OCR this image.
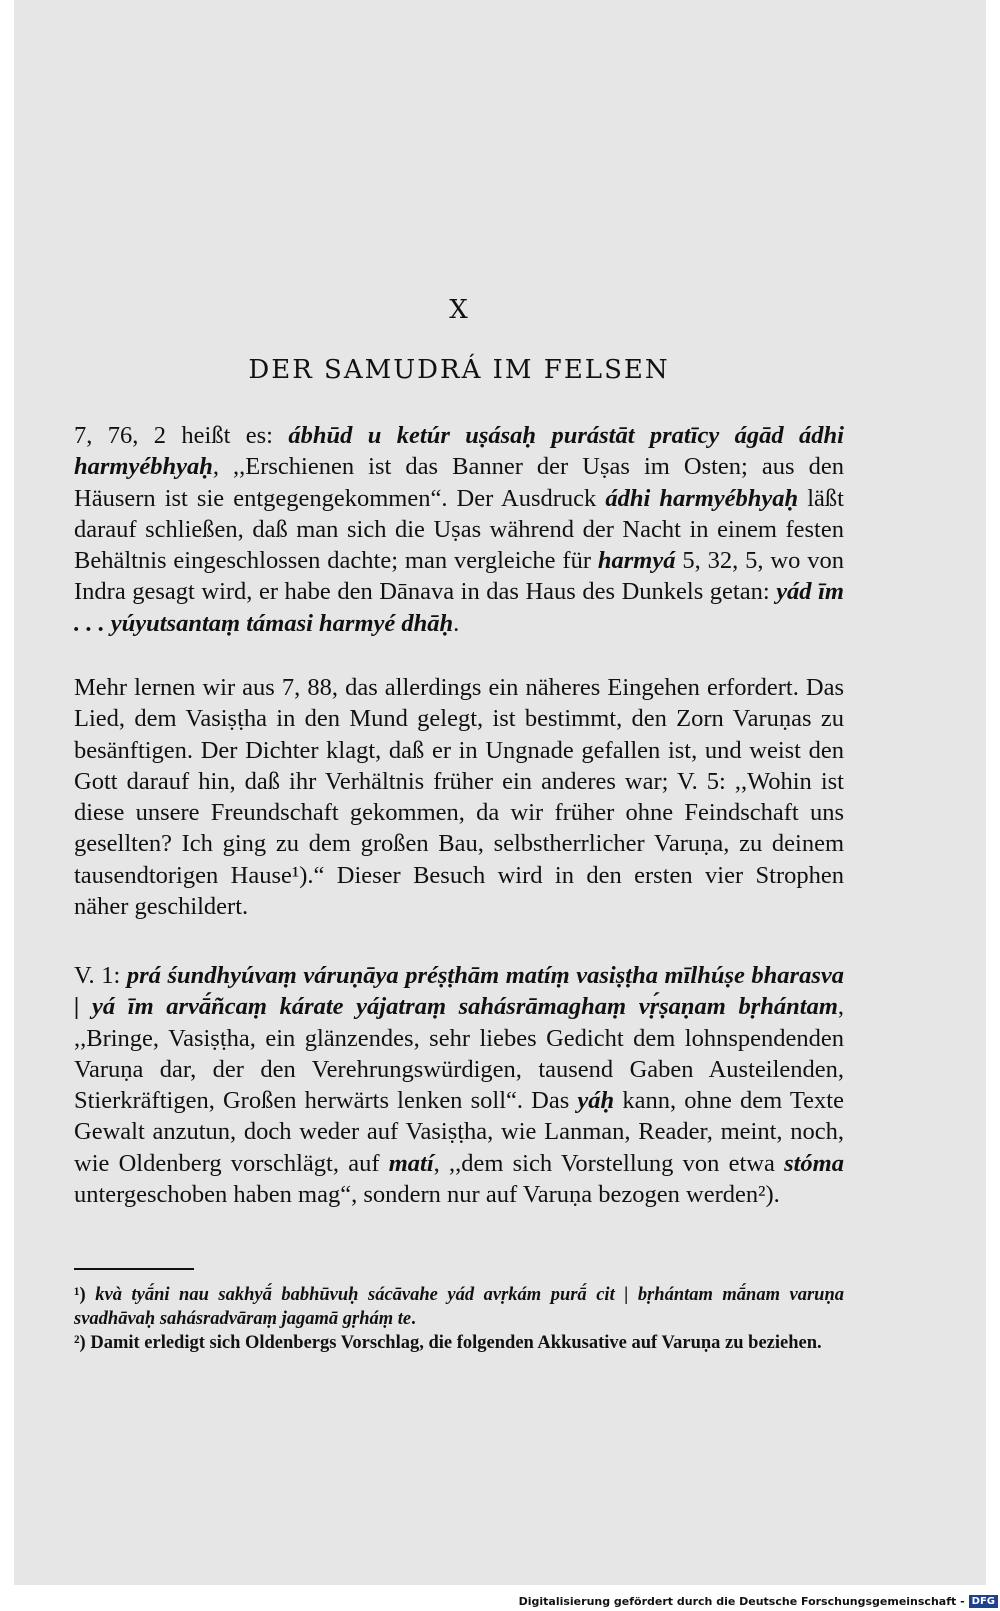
X
DER SAMUDRÁ IM FELSEN

7, 76, 2 heißt es: ábhūd u ketúr uṣásaḥ purástāt pratīcy ágād ádhi harmyébhyaḥ, ,,Erschienen ist das Banner der Uṣas im Osten; aus den Häusern ist sie entgegengekommen“. Der Ausdruck ádhi harmyébhyaḥ läßt darauf schließen, daß man sich die Uṣas während der Nacht in einem festen Behältnis eingeschlossen dachte; man vergleiche für harmyá 5, 32, 5, wo von Indra gesagt wird, er habe den Dānava in das Haus des Dunkels getan: yád īm . . . yúyutsantaṃ támasi harmyé dhāḥ.

Mehr lernen wir aus 7, 88, das allerdings ein näheres Eingehen erfordert. Das Lied, dem Vasiṣṭha in den Mund gelegt, ist bestimmt, den Zorn Varuṇas zu besänftigen. Der Dichter klagt, daß er in Ungnade gefallen ist, und weist den Gott darauf hin, daß ihr Verhältnis früher ein anderes war; V. 5: ,,Wohin ist diese unsere Freundschaft gekommen, da wir früher ohne Feindschaft uns gesellten? Ich ging zu dem großen Bau, selbstherrlicher Varuṇa, zu deinem tausendtorigen Hause¹).“ Dieser Besuch wird in den ersten vier Strophen näher geschildert.

V. 1: prá śundhyúvaṃ váruṇāya préṣṭhām matíṃ vasiṣṭha mīlhúṣe bharasva | yá īm arvā́ñcaṃ kárate yájatraṃ sahásrāmaghaṃ vṛ́ṣaṇam bṛhántam, ,,Bringe, Vasiṣṭha, ein glänzendes, sehr liebes Gedicht dem lohnspendenden Varuṇa dar, der den Verehrungswürdigen, tausend Gaben Austeilenden, Stierkräftigen, Großen herwärts lenken soll“. Das yáḥ kann, ohne dem Texte Gewalt anzutun, doch weder auf Vasiṣṭha, wie Lanman, Reader, meint, noch, wie Oldenberg vorschlägt, auf matí, ,,dem sich Vorstellung von etwa stóma untergeschoben haben mag“, sondern nur auf Varuṇa bezogen werden²).

¹) kvà tyā́ni nau sakhyā́ babhūvuḥ sácāvahe yád avṛkám purā́ cit | bṛhántam mā́nam varuṇa svadhāvaḥ sahásradvāraṃ jagamā gṛháṃ te.

²) Damit erledigt sich Oldenbergs Vorschlag, die folgenden Akkusative auf Varuṇa zu beziehen.

Digitalisierung gefördert durch die Deutsche Forschungsgemeinschaft - DFG
